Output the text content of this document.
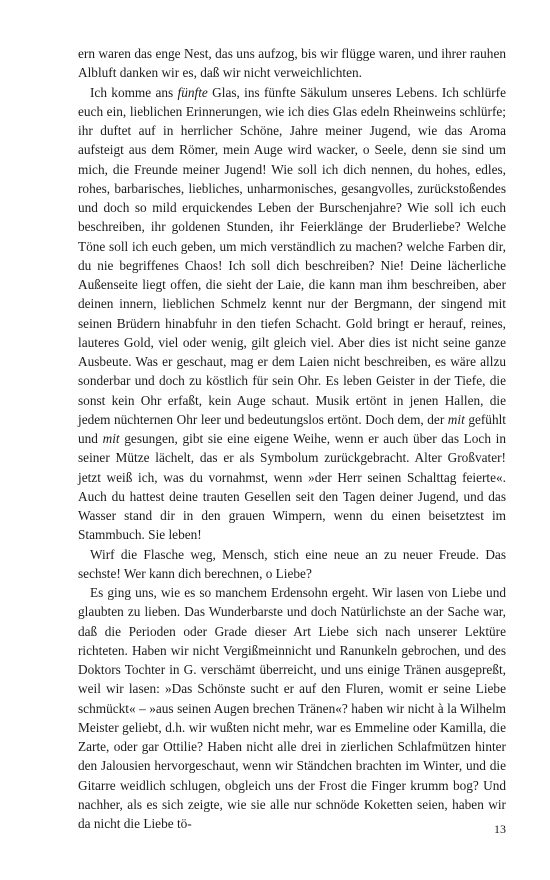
ern waren das enge Nest, das uns aufzog, bis wir flügge waren, und ihrer rauhen Albluft danken wir es, daß wir nicht verweichlichten.

Ich komme ans fünfte Glas, ins fünfte Säkulum unseres Lebens. Ich schlürfe euch ein, lieblichen Erinnerungen, wie ich dies Glas edeln Rheinweins schlürfe; ihr duftet auf in herrlicher Schöne, Jahre meiner Jugend, wie das Aroma aufsteigt aus dem Römer, mein Auge wird wacker, o Seele, denn sie sind um mich, die Freunde meiner Jugend! Wie soll ich dich nennen, du hohes, edles, rohes, barbarisches, liebliches, unharmonisches, gesangvolles, zurückstoßendes und doch so mild erquickendes Leben der Burschenjahre? Wie soll ich euch beschreiben, ihr goldenen Stunden, ihr Feierklänge der Bruderliebe? Welche Töne soll ich euch geben, um mich verständlich zu machen? welche Farben dir, du nie begriffenes Chaos! Ich soll dich beschreiben? Nie! Deine lächerliche Außenseite liegt offen, die sieht der Laie, die kann man ihm beschreiben, aber deinen innern, lieblichen Schmelz kennt nur der Bergmann, der singend mit seinen Brüdern hinabfuhr in den tiefen Schacht. Gold bringt er herauf, reines, lauteres Gold, viel oder wenig, gilt gleich viel. Aber dies ist nicht seine ganze Ausbeute. Was er geschaut, mag er dem Laien nicht beschreiben, es wäre allzu sonderbar und doch zu köstlich für sein Ohr. Es leben Geister in der Tiefe, die sonst kein Ohr erfaßt, kein Auge schaut. Musik ertönt in jenen Hallen, die jedem nüchternen Ohr leer und bedeutungslos ertönt. Doch dem, der mit gefühlt und mit gesungen, gibt sie eine eigene Weihe, wenn er auch über das Loch in seiner Mütze lächelt, das er als Symbolum zurückgebracht. Alter Großvater! jetzt weiß ich, was du vornahmst, wenn »der Herr seinen Schalttag feierte«. Auch du hattest deine trauten Gesellen seit den Tagen deiner Jugend, und das Wasser stand dir in den grauen Wimpern, wenn du einen beisetztest im Stammbuch. Sie leben!

Wirf die Flasche weg, Mensch, stich eine neue an zu neuer Freude. Das sechste! Wer kann dich berechnen, o Liebe?

Es ging uns, wie es so manchem Erdensohn ergeht. Wir lasen von Liebe und glaubten zu lieben. Das Wunderbarste und doch Natürlichste an der Sache war, daß die Perioden oder Grade dieser Art Liebe sich nach unserer Lektüre richteten. Haben wir nicht Vergißmeinnicht und Ranunkeln gebrochen, und des Doktors Tochter in G. verschämt überreicht, und uns einige Tränen ausgepreßt, weil wir lasen: »Das Schönste sucht er auf den Fluren, womit er seine Liebe schmückt« – »aus seinen Augen brechen Tränen«? haben wir nicht à la Wilhelm Meister geliebt, d.h. wir wußten nicht mehr, war es Emmeline oder Kamilla, die Zarte, oder gar Ottilie? Haben nicht alle drei in zierlichen Schlafmützen hinter den Jalousien hervorgeschaut, wenn wir Ständchen brachten im Winter, und die Gitarre weidlich schlugen, obgleich uns der Frost die Finger krumm bog? Und nachher, als es sich zeigte, wie sie alle nur schnöde Koketten seien, haben wir da nicht die Liebe tö-	13
